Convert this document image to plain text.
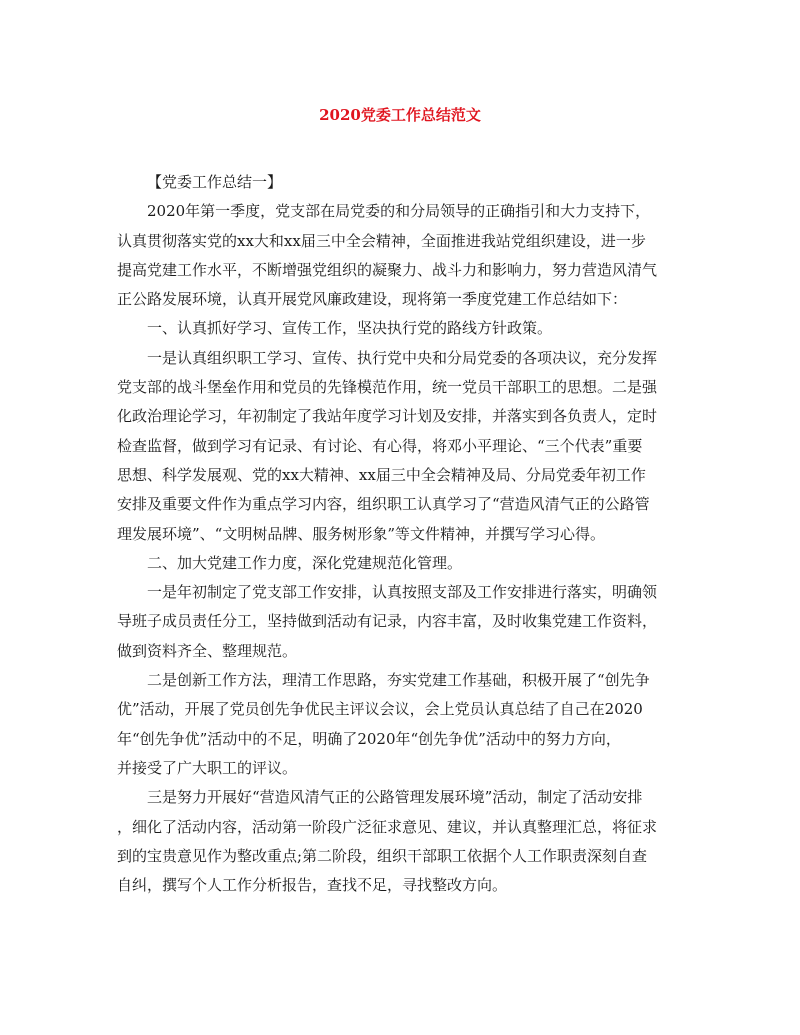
2020党委工作总结范文
【党委工作总结一】
2020年第一季度，党支部在局党委的和分局领导的正确指引和大力支持下，
认真贯彻落实党的xx大和xx届三中全会精神，全面推进我站党组织建设，进一步
提高党建工作水平，不断增强党组织的凝聚力、战斗力和影响力，努力营造风清气
正公路发展环境，认真开展党风廉政建设，现将第一季度党建工作总结如下：
一、认真抓好学习、宣传工作，坚决执行党的路线方针政策。
一是认真组织职工学习、宣传、执行党中央和分局党委的各项决议，充分发挥
党支部的战斗堡垒作用和党员的先锋模范作用，统一党员干部职工的思想。二是强
化政治理论学习，年初制定了我站年度学习计划及安排，并落实到各负责人，定时
检查监督，做到学习有记录、有讨论、有心得，将邓小平理论、“三个代表”重要
思想、科学发展观、党的xx大精神、xx届三中全会精神及局、分局党委年初工作
安排及重要文件作为重点学习内容，组织职工认真学习了“营造风清气正的公路管
理发展环境”、“文明树品牌、服务树形象”等文件精神，并撰写学习心得。
二、加大党建工作力度，深化党建规范化管理。
一是年初制定了党支部工作安排，认真按照支部及工作安排进行落实，明确领
导班子成员责任分工，坚持做到活动有记录，内容丰富，及时收集党建工作资料，
做到资料齐全、整理规范。
二是创新工作方法，理清工作思路，夯实党建工作基础，积极开展了“创先争
优”活动，开展了党员创先争优民主评议会议，会上党员认真总结了自己在2020
年“创先争优”活动中的不足，明确了2020年“创先争优”活动中的努力方向，
并接受了广大职工的评议。
三是努力开展好“营造风清气正的公路管理发展环境”活动，制定了活动安排
，细化了活动内容，活动第一阶段广泛征求意见、建议，并认真整理汇总，将征求
到的宝贵意见作为整改重点;第二阶段，组织干部职工依据个人工作职责深刻自查
自纠，撰写个人工作分析报告，查找不足，寻找整改方向。
